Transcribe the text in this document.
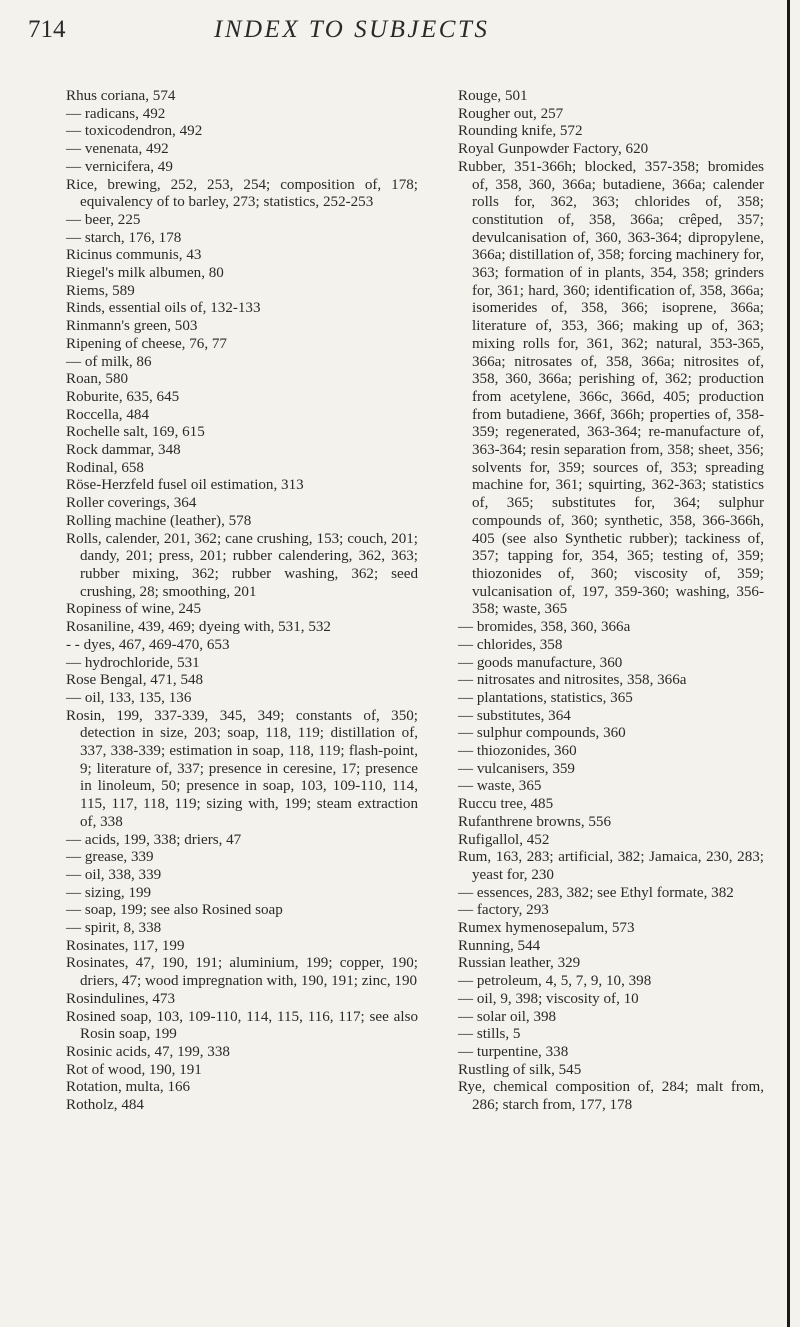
714	INDEX TO SUBJECTS
Rhus coriana, 574
— radicans, 492
— toxicodendron, 492
— venenata, 492
— vernicifera, 49
Rice, brewing, 252, 253, 254; composition of, 178; equivalency of to barley, 273; statistics, 252-253
— beer, 225
— starch, 176, 178
Ricinus communis, 43
Riegel's milk albumen, 80
Riems, 589
Rinds, essential oils of, 132-133
Rinmann's green, 503
Ripening of cheese, 76, 77
— of milk, 86
Roan, 580
Roburite, 635, 645
Roccella, 484
Rochelle salt, 169, 615
Rock dammar, 348
Rodinal, 658
Röse-Herzfeld fusel oil estimation, 313
Roller coverings, 364
Rolling machine (leather), 578
Rolls, calender, 201, 362; cane crushing, 153; couch, 201; dandy, 201; press, 201; rubber calendering, 362, 363; rubber mixing, 362; rubber washing, 362; seed crushing, 28; smoothing, 201
Ropiness of wine, 245
Rosaniline, 439, 469; dyeing with, 531, 532
- - dyes, 467, 469-470, 653
— hydrochloride, 531
Rose Bengal, 471, 548
— oil, 133, 135, 136
Rosin, 199, 337-339, 345, 349; constants of, 350; detection in size, 203; soap, 118, 119; distillation of, 337, 338-339; estimation in soap, 118, 119; flash-point, 9; literature of, 337; presence in ceresine, 17; presence in linoleum, 50; presence in soap, 103, 109-110, 114, 115, 117, 118, 119; sizing with, 199; steam extraction of, 338
— acids, 199, 338; driers, 47
— grease, 339
— oil, 338, 339
— sizing, 199
— soap, 199; see also Rosined soap
— spirit, 8, 338
Rosinates, 117, 199
Rosinates, 47, 190, 191; aluminium, 199; copper, 190; driers, 47; wood impregnation with, 190, 191; zinc, 190
Rosindulines, 473
Rosined soap, 103, 109-110, 114, 115, 116, 117; see also Rosin soap, 199
Rosinic acids, 47, 199, 338
Rot of wood, 190, 191
Rotation, multa, 166
Rotholz, 484
Rouge, 501
Rougher out, 257
Rounding knife, 572
Royal Gunpowder Factory, 620
Rubber, 351-366h; blocked, 357-358; bromides of, 358, 360, 366a; butadiene, 366a; calender rolls for, 362, 363; chlorides of, 358; constitution of, 358, 366a; crêped, 357; devulcanisation of, 360, 363-364; dipropylene, 366a; distillation of, 358; forcing machinery for, 363; formation of in plants, 354, 358; grinders for, 361; hard, 360; identification of, 358, 366a; isomerides of, 358, 366; isoprene, 366a; literature of, 353, 366; making up of, 363; mixing rolls for, 361, 362; natural, 353-365, 366a; nitrosates of, 358, 366a; nitrosites of, 358, 360, 366a; perishing of, 362; production from acetylene, 366c, 366d, 405; production from butadiene, 366f, 366h; properties of, 358-359; regenerated, 363-364; re-manufacture of, 363-364; resin separation from, 358; sheet, 356; solvents for, 359; sources of, 353; spreading machine for, 361; squirting, 362-363; statistics of, 365; substitutes for, 364; sulphur compounds of, 360; synthetic, 358, 366-366h, 405 (see also Synthetic rubber); tackiness of, 357; tapping for, 354, 365; testing of, 359; thiozonides of, 360; viscosity of, 359; vulcanisation of, 197, 359-360; washing, 356-358; waste, 365
— bromides, 358, 360, 366a
— chlorides, 358
— goods manufacture, 360
— nitrosates and nitrosites, 358, 366a
— plantations, statistics, 365
— substitutes, 364
— sulphur compounds, 360
— thiozonides, 360
— vulcanisers, 359
— waste, 365
Ruccu tree, 485
Rufanthrene browns, 556
Rufigallol, 452
Rum, 163, 283; artificial, 382; Jamaica, 230, 283; yeast for, 230
— essences, 283, 382; see Ethyl formate, 382
— factory, 293
Rumex hymenosepalum, 573
Running, 544
Russian leather, 329
— petroleum, 4, 5, 7, 9, 10, 398
— oil, 9, 398; viscosity of, 10
— solar oil, 398
— stills, 5
— turpentine, 338
Rustling of silk, 545
Rye, chemical composition of, 284; malt from, 286; starch from, 177, 178
